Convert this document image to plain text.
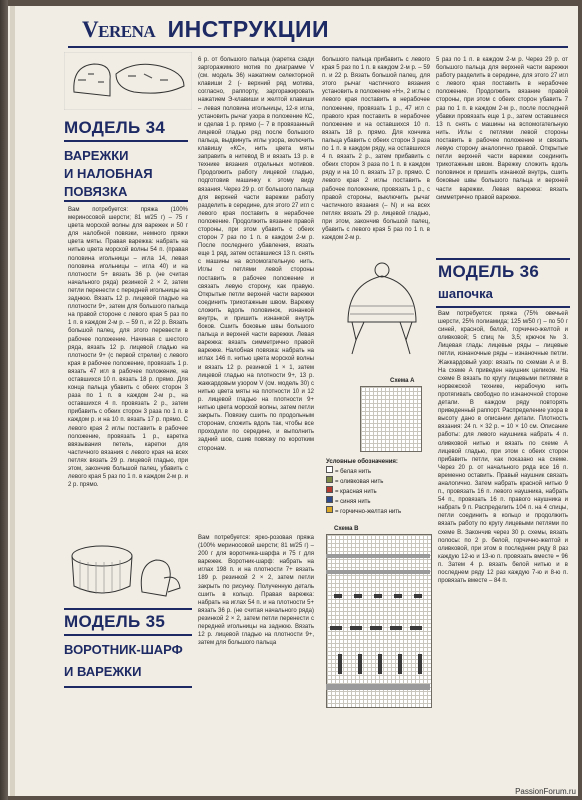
VERENA ИНСТРУКЦИИ
МОДЕЛЬ 34
ВАРЕЖКИ
И НАЛОБНАЯ
ПОВЯЗКА
Вам потребуется: пряжа (100% мериносовой шерсти; 81 м/25 г) – 75 г цвета морской волны для варежек и 50 г для налобной повязки, немного пряжи цвета мяты. Правая варежка: набрать на нитью цвета морской волны 54 п. (правая половина игольницы – игла 14, левая половина игольницы – игла 40) и на плотности 5+ вязать 36 р. (не считая начального ряда) резинкой 2 × 2, затем петли перенести с передней игольницы на заднюю. Вязать 12 р. лицевой гладью на плотности 9+, затем для большого пальца на правой стороне с левого края 5 раз по 1 п. в каждом 2-м р. – 59 п., и 22 р. Вязать большой палец, для этого перевести в рабочее положение. Начиная с шестого ряда, вязать 12 р. лицевой гладью на плотности 9+ (с первой стрелки) с левого края в рабочее положение, провязать 1 р. вязать 47 игл в рабочее положение, на оставшихся 10 п. вязать 18 р. прямо. Для конца пальца убавить с обеих сторон 3 раза по 1 п. в каждом 2-м р., на оставшихся 4 п. провязать 2 р., затем прибавить с обеих сторон 3 раза по 1 п. в каждом р. и на 10 п. вязать 17 р. прямо. С левого края 2 иглы поставить в рабочее положение, провязать 1 р., каретка ввязывания петель, каретки для частичного вязания с левого края на всех петлях вязать 29 р. лицевой гладью, при этом, закончив большой палец, убавить с левого края 5 раз по 1 п. в каждом 2-м р. и 2 р. прямо.
МОДЕЛЬ 35
ВОРОТНИК-ШАРФ
И ВАРЕЖКИ
6 р. от большого пальца (каретка сзади заргоражимого мотив по диаграмме V (см. модель 36) нажатием селекторной клавиши 2 (- верхний ряд мотива, согласно, раппорту, заргоражировать нажатием Э-клавиши и желтой клавиши – левая половина игольницы, 12-я игла, установить рычаг узора в положение КС, и сделав 1 р. прямо (– 7 в провязанный лицевой гладью ряд после большого пальца, выдвинуть иглы узора, включить клавишу «КС», нить цвета мяты заправить в нитевод В и вязать 13 р. в технике вязания отдельных мотивов. Продолжить работу лицевой гладью, подготовив машинку к этому виду вязания. Через 29 р. от большого пальца для верхней части варежки работу разделить в середине, для этого 27 игл с левого края поставить в нерабочее положение. Продолжить вязание правой стороны, при этом убавить с обеих сторон 7 раз по 1 п. в каждом 2-м р. После последнего убавления, вязать еще 1 ряд, затем оставшиеся 13 п. снять с машины на вспомогательную нить. Иглы с петлями левой стороны поставить в рабочее положение и связать левую сторону, как правую. Открытые петли верхней части варежки соединить трикотажным швом. Варежку сложить вдоль половинок, изнанкой внутрь, и пришить изнанкой внутрь боков. Сшить боковые швы большого пальца и верхней части варежки. Левая варежка: вязать симметрично правой варежке. Налобная повязка: набрать на иглах 146 п. нитью цвета морской волны и вязать 12 р. резинкой 1 × 1, затем лицевой гладью на плотности 9+, 13 р. жаккардовым узором V (см. модель 30) с нитью цвета мяты на плотности 10 и 12 р. лицевой гладью на плотности 9+ нитью цвета морской волны, затем петли закрыть. Повязку сшить по продольным сторонам, сложить вдоль так, чтобы все проходили по середине, и выполнить задний шов, сшив повязку по коротким сторонам.
Вам потребуется: ярко-розовая пряжа (100% мериносовой шерсти; 81 м/25 г) – 200 г для воротника-шарфа и 75 г для варежек. Воротник-шарф: набрать на иглах 198 п. и на плотности 7+ вязать 189 р. резинкой 2 × 2, затем петли закрыть по рисунку. Полученную деталь сшить в кольцо. Правая варежка: набрать на иглах 54 п. и на плотности 5+ вязать 36 р. (не считая начального ряда) резинкой 2 × 2, затем петли перенести с передней игольницы на заднюю. Вязать 12 р. лицевой гладью на плотности 9+, затем для большого пальца
большого пальца прибавить с левого края 5 раз по 1 п. в каждом 2-м р. – 59 п. и 22 р. Вязать большой палец, для этого рычаг частичного вязания установить в положение «Н», 2 иглы с левого края поставить в нерабочее положение, провязать 1 р., 47 игл с правого края поставить в нерабочее положение и на оставшихся 10 п. вязать 18 р. прямо. Для кончика пальца убавить с обеих сторон 3 раза по 1 п. в каждом ряду, на оставшихся 4 п. вязать 2 р., затем прибавить с обеих сторон 3 раза по 1 п. в каждом ряду и на 10 п. вязать 17 р. прямо. С левого края 2 иглы поставить в рабочее положение, провязать 1 р., с правой стороны, выключить рычаг частичного вязания (– N) и на всех петлях вязать 29 р. лицевой гладью, при этом, закончив большой палец, убавить с левого края 5 раз по 1 п. в каждом 2-м р.
Схема А
Условные обозначения:
= белая нить
= оливковая нить
= красная нить
= синяя нить
= горчично-желтая нить
Схема В
5 раз по 1 п. в каждом 2-м р. Через 29 р. от большого пальца для верхней части варежки работу разделить в середине, для этого 27 игл с левого края поставить в нерабочее положение. Продолжить вязание правой стороны, при этом с обеих сторон убавить 7 раз по 1 п. в каждом 2-м р., после последней убавки провязать еще 1 р., затем оставшиеся 13 п. снять с машины на вспомогательную нить. Иглы с петлями левой стороны поставить в рабочее положение и связать левую сторону аналогично правой. Открытые петли верхней части варежки соединить трикотажным швом. Варежку сложить вдоль половинок и пришить изнанкой внутрь, сшить боковые швы большого пальца и верхней части варежки. Левая варежка: вязать симметрично правой варежке.
МОДЕЛЬ 36
шапочка
Вам потребуется: пряжа (75% овечьей шерсти, 25% полиамида; 125 м/50 г) – по 50 г синей, красной, белой, горчично-желтой и оливковой; 5 спиц № 3,5; крючок № 3. Лицевая гладь: лицевые ряды – лицевые петли, изнаночные ряды – изнаночные петли. Жаккардовый узор: вязать по схемам А и В. На схеме А приведен наушник целиком. На схеме В вязать по кругу лицевыми петлями в норвежской технике, нерабочую нить протягивать свободно по изнаночной стороне детали. В каждом ряду повторять приведенный раппорт. Распределение узора в высоту дано в описании детали. Плотность вязания: 24 п. × 32 р. = 10 × 10 см. Описание работы: для левого наушника набрать 4 п. оливковой нитью и вязать по схеме А лицевой гладью, при этом с обеих сторон прибавить петли, как показано на схеме. Через 20 р. от начального ряда все 16 п. временно оставить. Правый наушник связать аналогично. Затем набрать красной нитью 9 п., провязать 16 п. левого наушника, набрать 54 п., провязать 16 п. правого наушника и набрать 9 п. Распределить 104 п. на 4 спицы, петли соединить в кольцо и продолжить вязать работу по кругу лицевыми петлями по схеме В. Закончив через 30 р. схемы, вязать полосы: по 2 р. белой, горчично-желтой и оливковой, при этом в последнем ряду 8 раз каждую 12-ю и 13-ю п. провязать вместе = 96 п. Затем 4 р. вязать белой нитью и в последнем ряду 12 раз каждую 7-ю и 8-ю п. провязать вместе – 84 п.
PassionForum.ru
